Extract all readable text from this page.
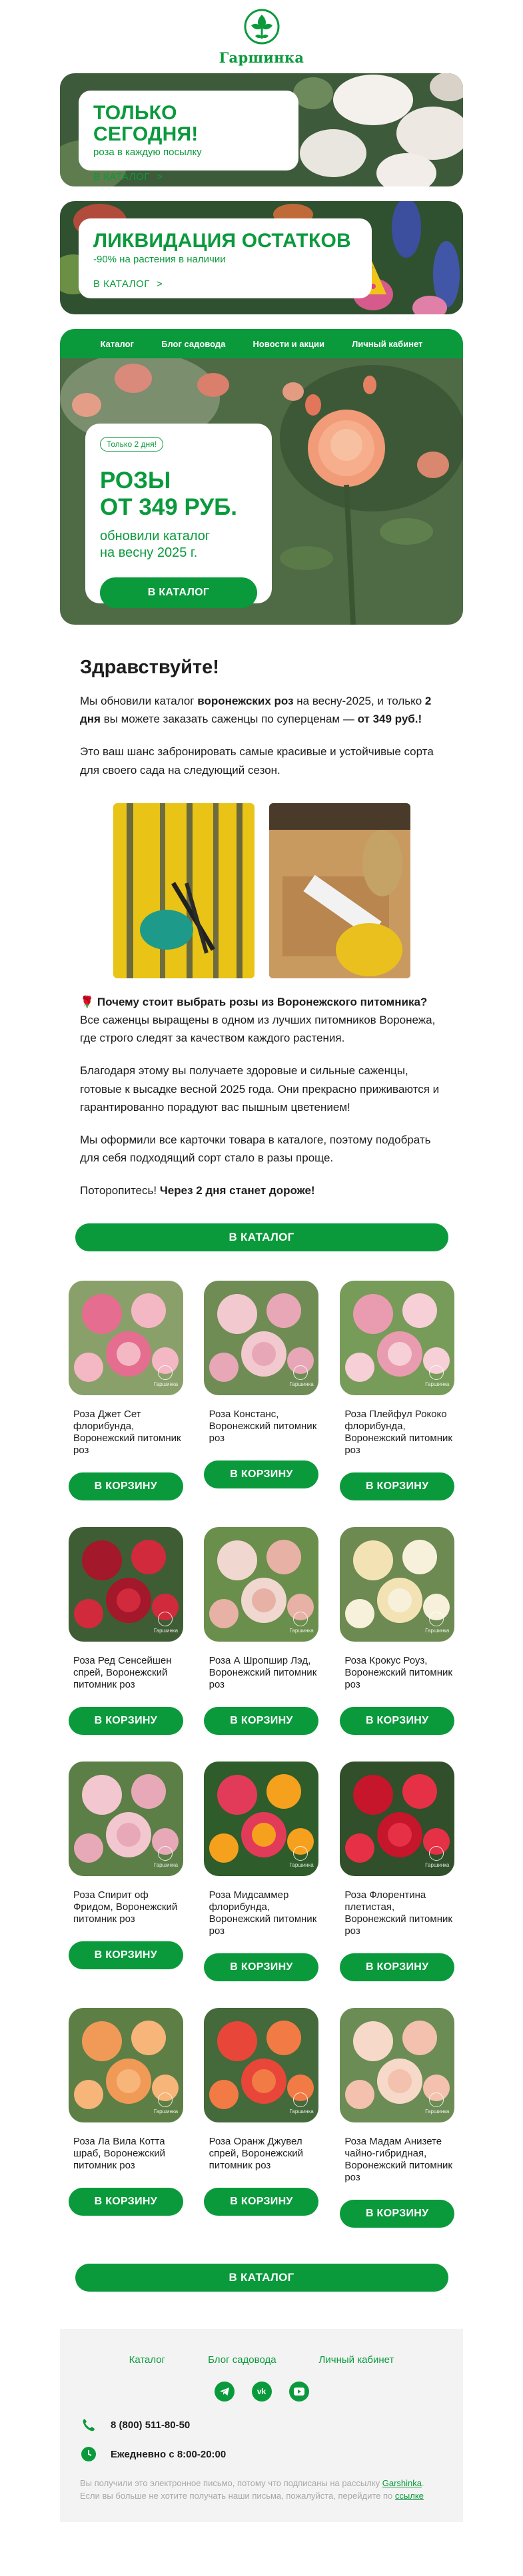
Гаршинка
ТОЛЬКО СЕГОДНЯ!
роза в каждую посылку
В КАТАЛОГ >
ЛИКВИДАЦИЯ ОСТАТКОВ
-90% на растения в наличии
В КАТАЛОГ >
Каталог	Блог садовода	Новости и акции	Личный кабинет
Только 2 дня!
РОЗЫ
ОТ 349 РУБ.
обновили каталог
на весну 2025 г.
В КАТАЛОГ
Здравствуйте!

Мы обновили каталог воронежских роз на весну-2025, и только 2 дня вы можете заказать саженцы по суперценам — от 349 руб.!

Это ваш шанс забронировать самые красивые и устойчивые сорта для своего сада на следующий сезон.

🌹 Почему стоит выбрать розы из Воронежского питомника?
Все саженцы выращены в одном из лучших питомников Воронежа, где строго следят за качеством каждого растения.

Благодаря этому вы получаете здоровые и сильные саженцы, готовые к высадке весной 2025 года. Они прекрасно приживаются и гарантированно порадуют вас пышным цветением!

Мы оформили все карточки товара в каталоге, поэтому подобрать для себя подходящий сорт стало в разы проще.

Поторопитесь! Через 2 дня станет дороже!

В КАТАЛОГ
Гаршинка
Роза Джет Сет флорибунда, Воронежский питомник роз
В КОРЗИНУ
Гаршинка
Роза Констанс, Воронежский питомник роз
В КОРЗИНУ
Гаршинка
Роза Плейфул Рококо флорибунда, Воронежский питомник роз
В КОРЗИНУ
Гаршинка
Роза Ред Сенсейшен спрей, Воронежский питомник роз
В КОРЗИНУ
Гаршинка
Роза А Шропшир Лэд, Воронежский питомник роз
В КОРЗИНУ
Гаршинка
Роза Крокус Роуз, Воронежский питомник роз
В КОРЗИНУ
Гаршинка
Роза Спирит оф Фридом, Воронежский питомник роз
В КОРЗИНУ
Гаршинка
Роза Мидсаммер флорибунда, Воронежский питомник роз
В КОРЗИНУ
Гаршинка
Роза Флорентина плетистая, Воронежский питомник роз
В КОРЗИНУ
Гаршинка
Роза Ла Вила Котта шраб, Воронежский питомник роз
В КОРЗИНУ
Гаршинка
Роза Оранж Джувел спрей, Воронежский питомник роз
В КОРЗИНУ
Гаршинка
Роза Мадам Анизете чайно-гибридная, Воронежский питомник роз
В КОРЗИНУ
В КАТАЛОГ
Каталог	Блог садовода	Личный кабинет
vk
8 (800) 511-80-50
Ежедневно с 8:00-20:00
Вы получили это электронное письмо, потому что подписаны на рассылку Garshinka. Если вы больше не хотите получать наши письма, пожалуйста, перейдите по ссылке
